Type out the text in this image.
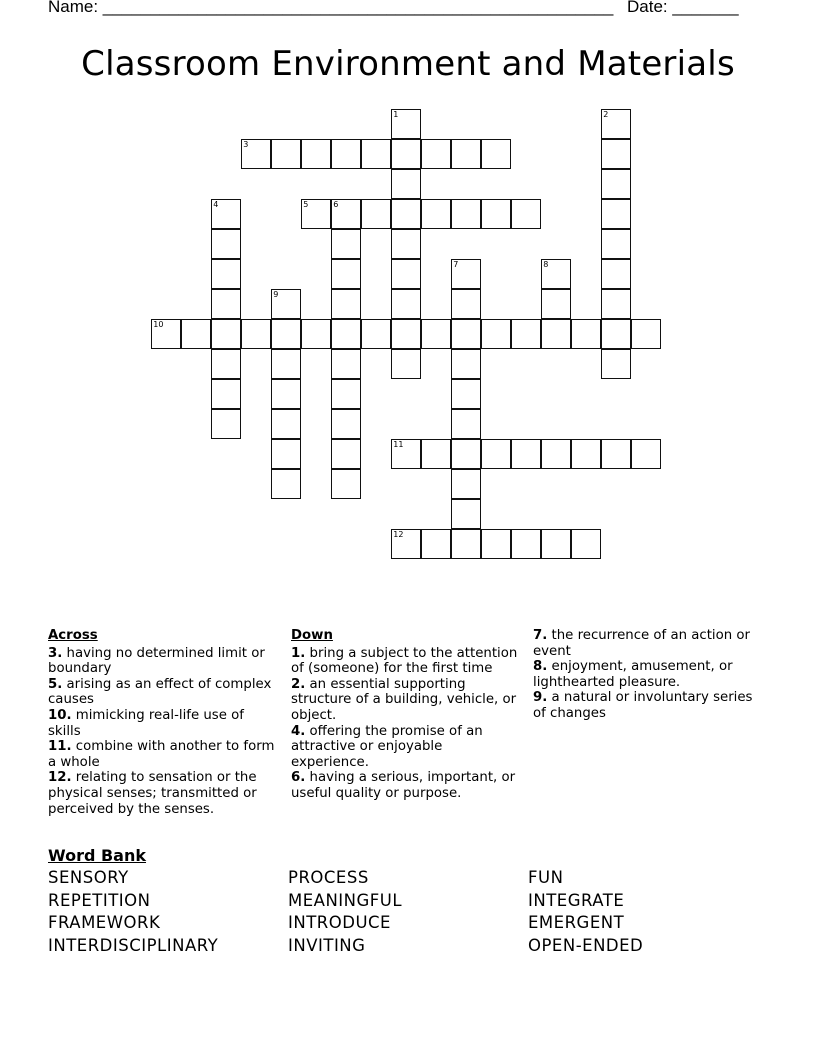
Name: ______________________________________________________ Date: _______
Classroom Environment and Materials
1	2
3
4	5	6
7	8
9
10
11
12
Across
3. having no determined limit or boundary
5. arising as an effect of complex causes
10. mimicking real-life use of skills
11. combine with another to form a whole
12. relating to sensation or the physical senses; transmitted or perceived by the senses.
Down
1. bring a subject to the attention of (someone) for the first time
2. an essential supporting structure of a building, vehicle, or object.
4. offering the promise of an attractive or enjoyable experience.
6. having a serious, important, or useful quality or purpose.
7. the recurrence of an action or event
8. enjoyment, amusement, or lighthearted pleasure.
9. a natural or involuntary series of changes
Word Bank
SENSORY	PROCESS	FUN
REPETITION	MEANINGFUL	INTEGRATE
FRAMEWORK	INTRODUCE	EMERGENT
INTERDISCIPLINARY	INVITING	OPEN-ENDED
